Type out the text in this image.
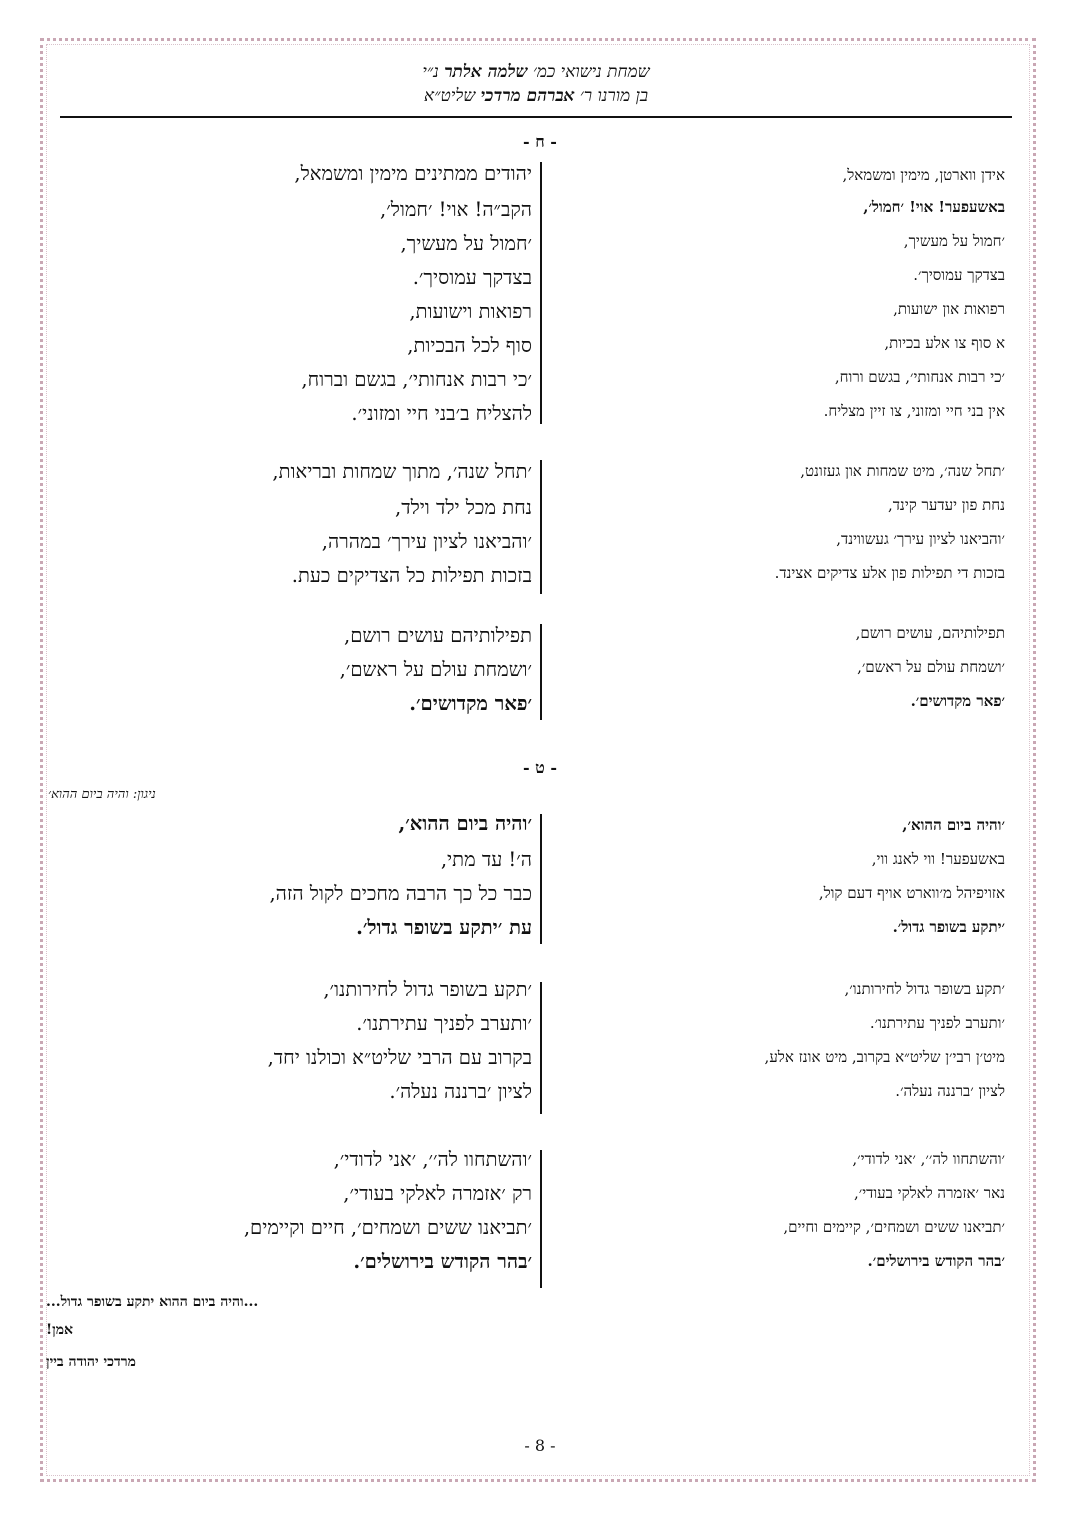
שמחת נישואי כמ׳ שלמה אלתר נ״י
בן מורנו ר׳ אברהם מרדכי שליט״א
- ח -
אידן ווארטן, מימין ומשמאל,
באשעפער! אוי! ׳חמול׳,
׳חמול על מעשיך,
בצדקך עמוסיך׳.
רפואות און ישועות,
א סוף צו אלע בכיות,
׳כי רבות אנחותי׳, בגשם ורוח,
אין בני חיי ומזוני, צו זיין מצליח.
׳תחל שנה׳, מיט שמחות און געזונט,
נחת פון יעדער קינד,
׳והביאנו לציון עירך׳ געשווינד,
בזכות די תפילות פון אלע צדיקים אצינד.
תפילותיהם, עושים רושם,
׳ושמחת עולם על ראשם׳,
׳פאר מקדושים׳.
יהודים ממתינים מימין ומשמאל,
הקב״ה! אוי! ׳חמול׳,
׳חמול על מעשיך,
בצדקך עמוסיך׳.
רפואות וישועות,
סוף לכל הבכיות,
׳כי רבות אנחותי׳, בגשם וברוח,
להצליח ב׳בני חיי ומזוני׳.
׳תחל שנה׳, מתוך שמחות ובריאות,
נחת מכל ילד וילד,
׳והביאנו לציון עירך׳ במהרה,
בזכות תפילות כל הצדיקים כעת.
תפילותיהם עושים רושם,
׳ושמחת עולם על ראשם׳,
׳פאר מקדושים׳.
- ט -
ניגון: והיה ביום ההוא׳
׳והיה ביום ההוא׳,
באשעפער! ווי לאנג ווי,
אזויפיהל מ׳ווארט אויף דעם קול,
׳יתקע בשופר גדול׳.
׳תקע בשופר גדול לחירותנו׳,
׳ותערב לפניך עתירתנו׳.
מיט׳ן רבי׳ן שליט״א בקרוב, מיט אונז אלע,
לציון ׳ברננה נעלה׳.
׳והשתחוו לה׳׳, ׳אני לדודי׳,
נאר ׳אזמרה לאלקי בעודי׳,
׳תביאנו ששים ושמחים׳, קיימים וחיים,
׳בהר הקודש בירושלים׳.
׳והיה ביום ההוא׳,
ה׳! עד מתי,
כבר כל כך הרבה מחכים לקול הזה,
עת ׳יתקע בשופר גדול׳.
׳תקע בשופר גדול לחירותנו׳,
׳ותערב לפניך עתירתנו׳.
בקרוב עם הרבי שליט״א וכולנו יחד,
לציון ׳ברננה נעלה׳.
׳והשתחוו לה׳׳, ׳אני לדודי׳,
רק ׳אזמרה לאלקי בעודי׳,
׳תביאנו ששים ושמחים׳, חיים וקיימים,
׳בהר הקודש בירושלים׳.
...והיה ביום ההוא יתקע בשופר גדול...
אמן!
מרדכי יהודה ביין
- 8 -
